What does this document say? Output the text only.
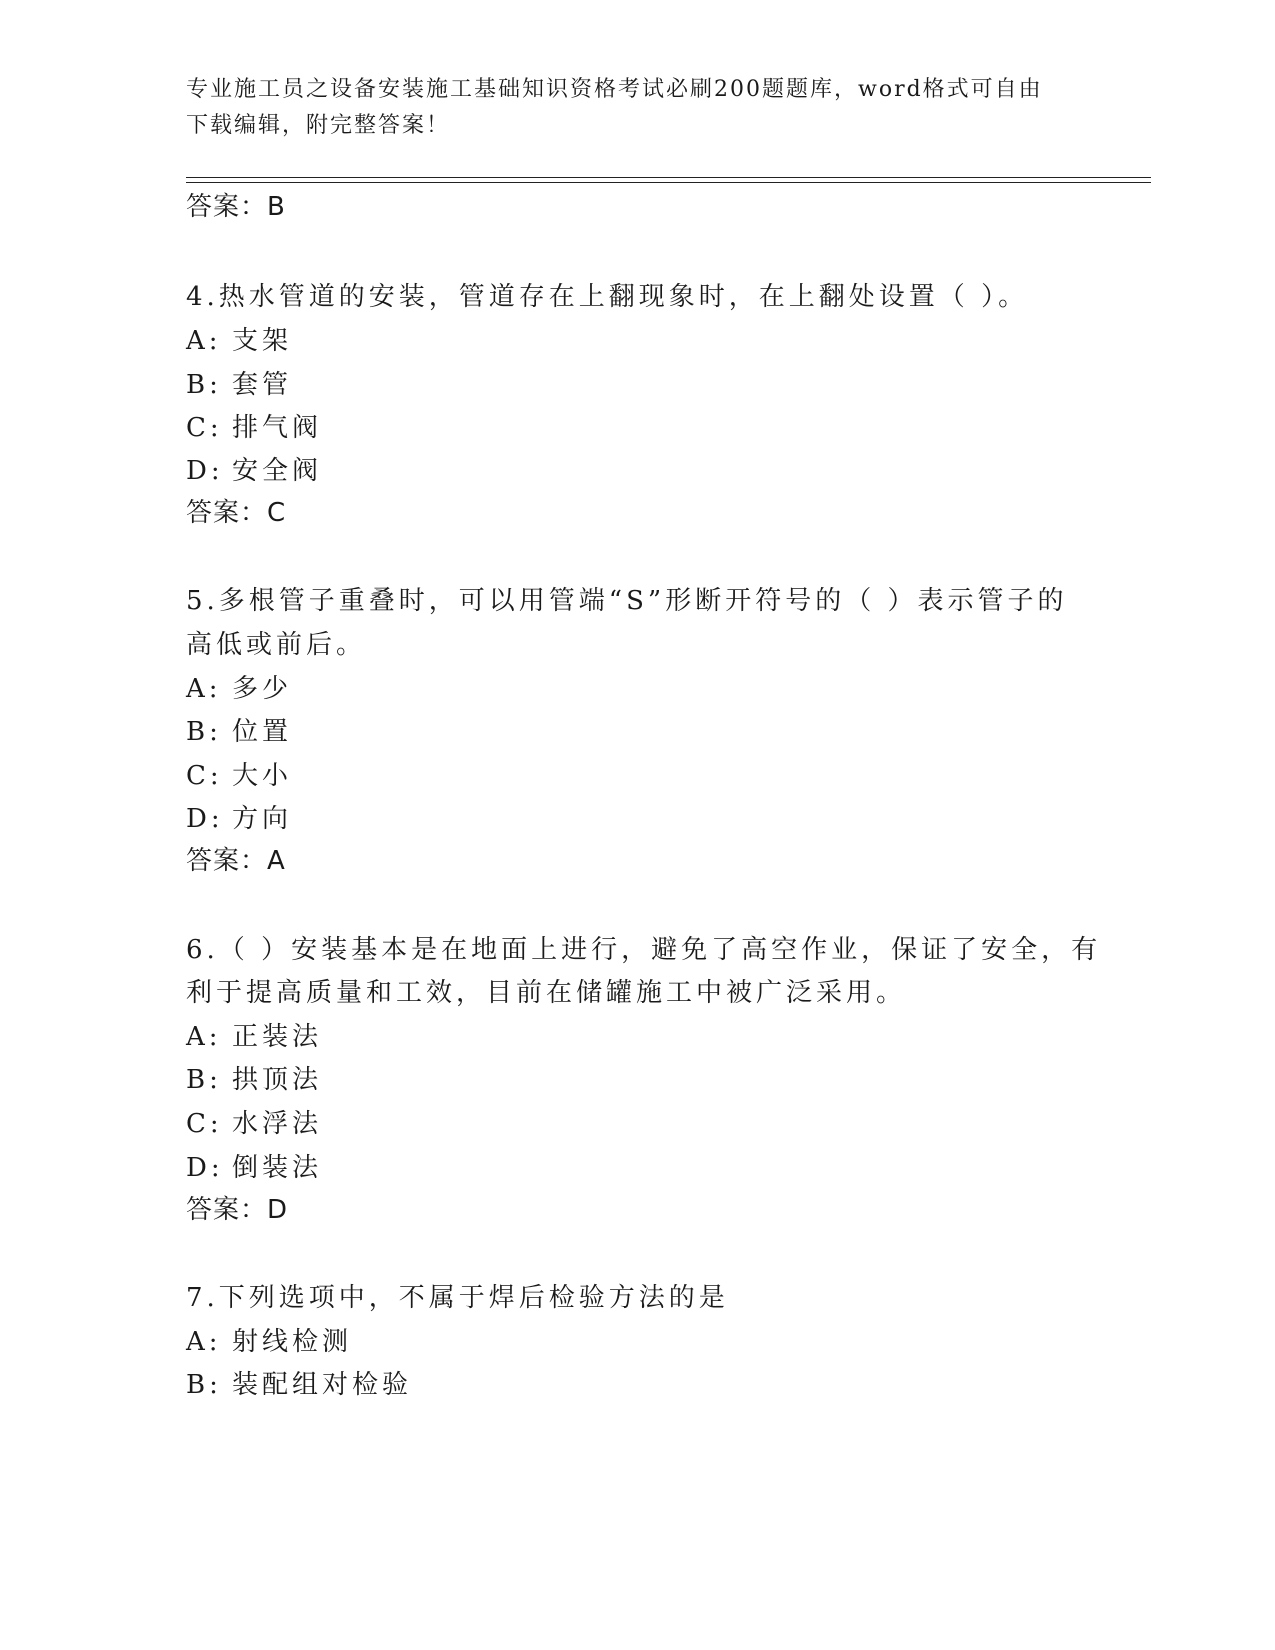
专业施工员之设备安装施工基础知识资格考试必刷200题题库，word格式可自由
下载编辑，附完整答案！
答案：B
4.热水管道的安装，管道存在上翻现象时，在上翻处设置（ ）。
A: 支架
B: 套管
C: 排气阀
D: 安全阀
答案：C
5.多根管子重叠时，可以用管端“S”形断开符号的（ ）表示管子的
高低或前后。
A: 多少
B: 位置
C: 大小
D: 方向
答案：A
6.（ ）安装基本是在地面上进行，避免了高空作业，保证了安全，有
利于提高质量和工效，目前在储罐施工中被广泛采用。
A: 正装法
B: 拱顶法
C: 水浮法
D: 倒装法
答案：D
7.下列选项中，不属于焊后检验方法的是
A: 射线检测
B: 装配组对检验
